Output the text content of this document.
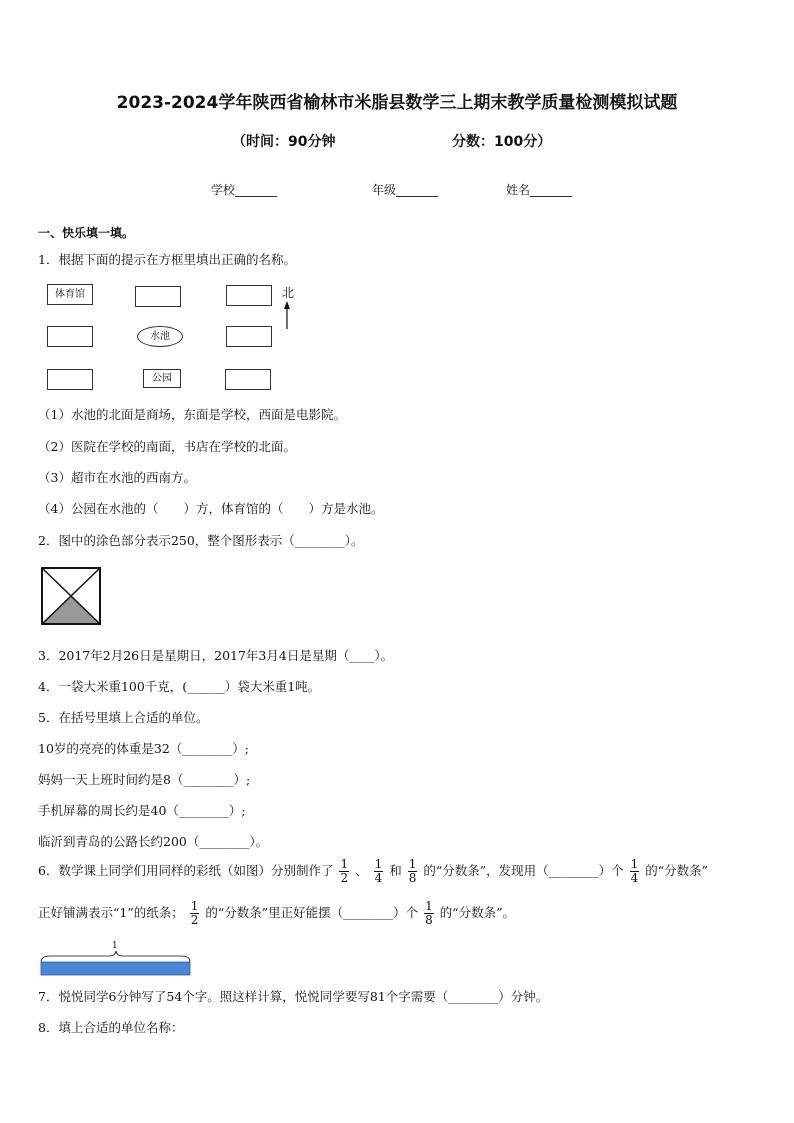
2023-2024学年陕西省榆林市米脂县数学三上期末教学质量检测模拟试题
（时间：90分钟	分数：100分）
学校_______	年级_______	姓名_______
一、快乐填一填。
1．根据下面的提示在方框里填出正确的名称。
体育馆
水池
公园
北
（1）水池的北面是商场，东面是学校，西面是电影院。
（2）医院在学校的南面，书店在学校的北面。
（3）超市在水池的西南方。
（4）公园在水池的（　　）方，体育馆的（　　）方是水池。
2．图中的涂色部分表示250，整个图形表示（________）。
3．2017年2月26日是星期日，2017年3月4日是星期（____）。
4．一袋大米重100千克，(______）袋大米重1吨。
5．在括号里填上合适的单位。
10岁的亮亮的体重是32（________）;
妈妈一天上班时间约是8（________）;
手机屏幕的周长约是40（________）;
临沂到青岛的公路长约200（________）。
6．数学课上同学们用同样的彩纸（如图）分别制作了 $\frac{1}{2}$ 、 $\frac{1}{4}$ 和 $\frac{1}{8}$ 的“分数条”，发现用（________）个 $\frac{1}{4}$ 的“分数条”
正好铺满表示“1”的纸条； $\frac{1}{2}$ 的“分数条”里正好能摆（________）个 $\frac{1}{8}$ 的“分数条”。
1
7．悦悦同学6分钟写了54个字。照这样计算，悦悦同学要写81个字需要（________）分钟。
8．填上合适的单位名称：
